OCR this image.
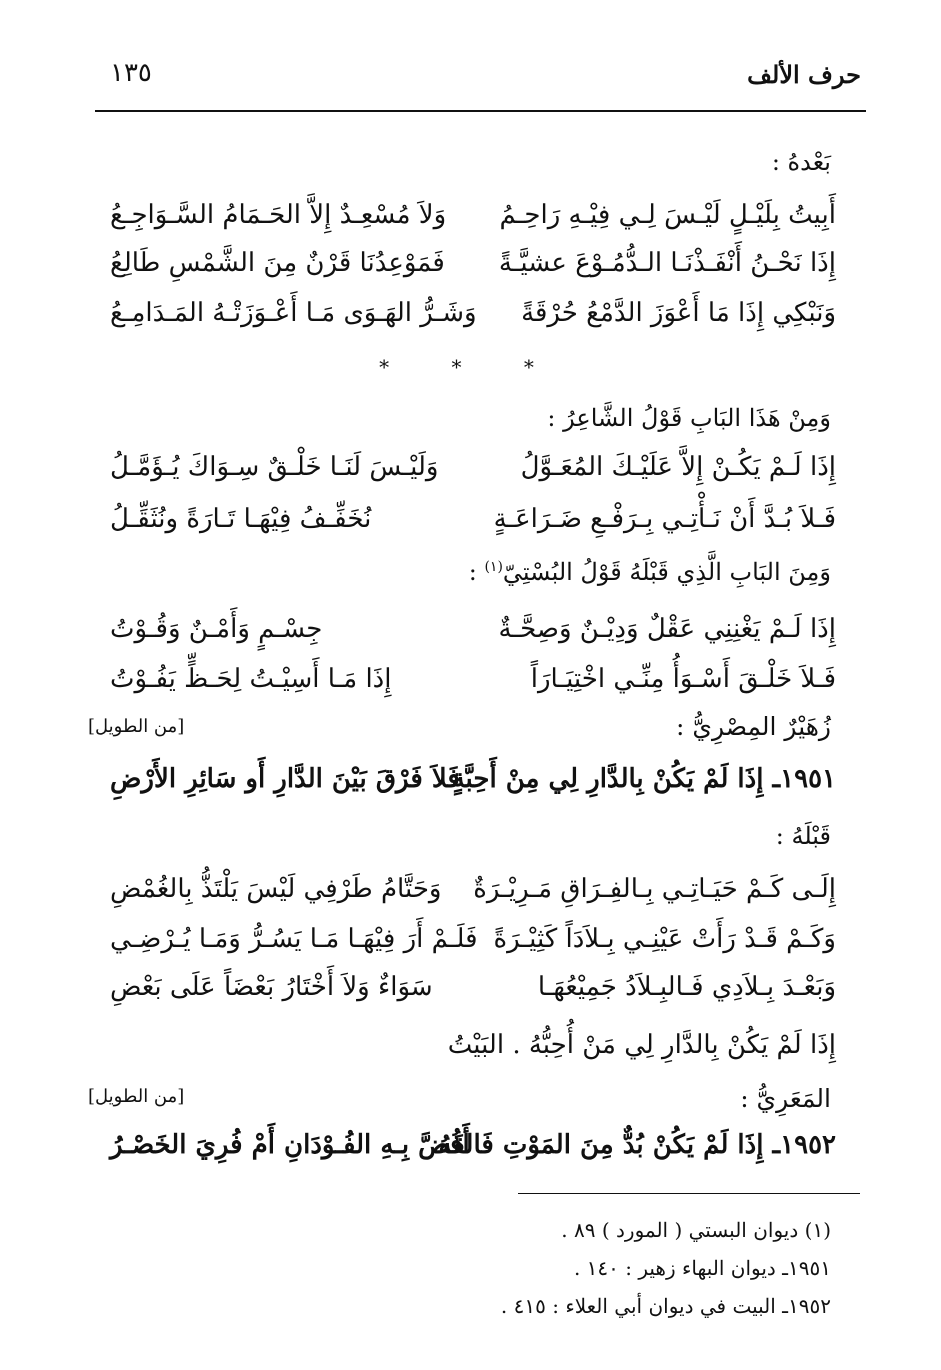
١٣٥	حرف الألف
بَعْدهُ :
أَبِيتُ بِلَيْـلٍ لَيْـسَ لِـي فِيْـهِ رَاحِـمُ
وَلاَ مُسْعِـدٌ إِلاَّ الحَـمَامُ السَّـوَاجِـعُ
إِذَا نَحْـنُ أَنْفَـذْنَـا الـدُّمُـوْعَ عشيَّـةً
فَمَوْعِدُنَا قَرْنٌ مِنَ الشَّمْسِ طَالِعُ
وَنَبْكِي إِذَا مَا أَعْوَزَ الدَّمْعُ حُرْقَةً
وَشَـرُّ الهَـوَى مَـا أَعْـوَزَتْـهُ المَـدَامِـعُ
* * *
وَمِنْ هَذَا البَابِ قَوْلُ الشَّاعِرُ :
إِذَا لَـمْ يَكُـنْ إِلاَّ عَلَيْـكَ المُعَـوَّلُ
وَلَيْـسَ لَنَـا خَلْـقٌ سِـوَاكَ يُـؤَمَّـلُ
فَـلاَ بُـدَّ أَنْ نَـأْتِـي بِـرَفْـعِ ضَـرَاعَـةٍ
نُخَفِّـفُ فِيْهَـا تَـارَةً ونُثَقِّـلُ
وَمِنَ البَابِ الَّذِي قَبْلَهُ قَوْلُ البُسْتِيّ$^{(١)}$ :
إِذَا لَـمْ يَغْنِنِي عَقْلٌ وَدِيْـنٌ وَصِحَّـةٌ
جِسْـمٍ وَأَمْـنٌ وَقُـوْتُ
فَـلاَ خَلْـقَ أَسْـوَأُ مِنِّـي اخْتِيَـارَاً
إِذَا مَـا أَسِيْـتُ لِحَـظٍّ يَفُـوْتُ
زُهَيْرٌ المِصْرِيُّ :
[من الطويل]
١٩٥١ـ إِذَا لَمْ يَكُنْ بِالدَّارِ لِي مِنْ أَحِبَّةٍ
فَلاَ فَرْقَ بَيْنَ الدَّارِ أَو سَائِرِ الأَرْضِ
قَبْلَهُ :
إِلَـى كَـمْ حَيَـاتِـي بِـالفِـرَاقِ مَـرِيْـرَةٌ
وَحَتَّامُ طَرْفِي لَيْسَ يَلْتَذُّ بِالغُمْضِ
وَكَـمْ قَـدْ رَأَتْ عَيْنِـي بِـلاَدَاً كَثِيْـرَةً
فَلَـمْ أَرَ فِيْهَـا مَـا يَسُـرُّ وَمَـا يُـرْضِـي
وَبَعْـدَ بِـلاَدِي فَـالبِـلاَدُ جَمِيْعُهَـا
سَوَاءٌ وَلاَ أَخْتَارُ بَعْضَاً عَلَى بَعْضِ
إِذَا لَمْ يَكُنْ بِالدَّارِ لِي مَنْ أُحِبُّهُ . البَيْتُ
المَعَرِيُّ :
[من الطويل]
١٩٥٢ـ إِذَا لَمْ يَكُنْ بُدٌّ مِنَ المَوْتِ فَالقَهُ
أَفُضَّ بِـهِ الفُـوْدَانِ أَمْ فُرِيَ الخَصْـرُ
(١) ديوان البستي ( المورد ) ٨٩ .
١٩٥١ـ ديوان البهاء زهير : ١٤٠ .
١٩٥٢ـ البيت في ديوان أبي العلاء : ٤١٥ .
